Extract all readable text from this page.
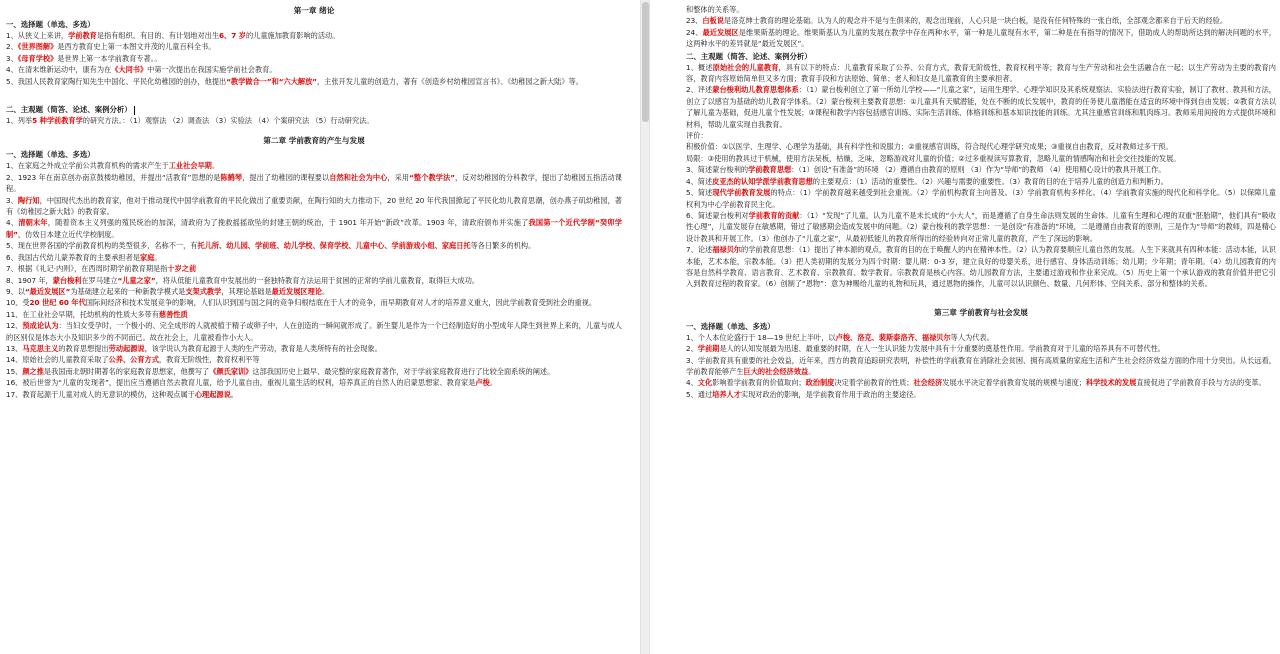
第一章 绪论
一、选择题（单选、多选）
1、从狭义上来讲，学前教育是指有组织、有目的、有计划地对出生6、7 岁的儿童施加教育影响的活动。
2、《世界图解》是西方教育史上第一本图文并茂的儿童百科全书。
3、《母育学校》是世界上第一本学前教育专著。。
4、在清末维新运动中，康有为在《大同书》中第一次提出在我国实施学前社会教育。
5、我国人民教育家陶行知先生中国化、平民化幼稚园的创办，他提出“教学做合一”和“六大解放”，主张开发儿童的创造力，著有《创造乡村幼稚园宣言书》、《幼稚园之新大陆》等。
二、主观题（简答、论述、案例分析）
1、列举5 种学前教育学的研究方法。：（1）观察法 （2）调查法 （3）实验法 （4）个案研究法 （5）行动研究法。
第二章 学前教育的产生与发展
一、选择题（单选、多选）
1、在家庭之外成立学前公共教育机构的需求产生于工业社会早期。
2、1923 年在南京创办南京鼓楼幼稚园，并提出“活教育”思想的是陈鹤琴，提出了幼稚园的课程要以自然和社会为中心，采用“整个教学法”，反对幼稚园的分科教学，提出了幼稚园五指活动课程。
3、陶行知，中国现代杰出的教育家，他对于推动现代中国学前教育的平民化做出了重要贡献，在陶行知的大力推动下，20 世纪 20 年代我国掀起了平民化幼儿教育思潮，创办燕子矶幼稚园，著有《幼稚园之新大陆》的教育家。
4、清朝末年，随着资本主义列强的殖民统治的加深，清政府为了挽救摇摇欲坠的封建王朝的统治，于 1901 年开始“新政”改革。1903 年，清政府颁布并实施了我国第一个近代学制“癸卯学制”，仿效日本建立近代学校制度。
5、现在世界各国的学前教育机构的类型很多，名称不一，有托儿所、幼儿园、学前班、幼儿学校、保育学校、儿童中心、学前游戏小组、家庭日托等各日繁多的机构。
6、我国古代幼儿蒙养教育的主要承担者是家庭。
7、根据《礼记·内则》，在西周时期学前教育期是指十岁之前
8、1907 年，蒙台梭利在罗马建立“儿童之家”，将从低能儿童教育中发展出的一套独特教育方法运用于贫困的正常的学前儿童教育，取得巨大成功。
9、以“最近发展区”为基础建立起来的一种新教学模式是支架式教学，其理论基础是最近发展区理论。
10、受20 世纪 60 年代国际间经济和技术发展竞争的影响，人们认识到国与国之间的竞争归根结底在于人才的竞争，而早期教育对人才的培养意义重大，因此学前教育受到社会的重视。
11、在工业社会早期，托幼机构的性质大多带有慈善性质
12、预成论认为：当妇女受孕时，一个极小的、完全成形的人就被植于精子或卵子中，人在创造的一瞬间就形成了。新生婴儿是作为一个已经制造好的小型成年人降生到世界上来的，儿童与成人的区别仅是体态大小及知识多少的不同而已。故在社会上，儿童被看作小大人。
13、马克思主义的教育思想提出劳动起源说，该学说认为教育起源于人类的生产劳动，教育是人类所特有的社会现象。
14、原始社会的儿童教育采取了公养、公育方式，教育无阶级性，教育权利平等
15、颜之推是我国南北朝时期著名的家庭教育思想家，他撰写了《颜氏家训》这部我国历史上最早、最完整的家庭教育著作，对于学前家庭教育进行了比较全面系统的阐述。
16、被后世誉为“儿童的发现者”，提出应当遵循自然去教育儿童，给予儿童自由，重视儿童生活的权利，培养真正的自然人的启蒙思想家、教育家是卢梭。
17、教育起源于儿童对成人的无意识的模仿，这种观点属于心理起源说。
和整体的关系等。
23、白板说是洛克绅士教育的理论基础。认为人的观念并不是与生俱来的，观念出现前，人心只是一块白板，是没有任何特殊的一张白纸，全部观念都来自于后天的经验。
24、最近发展区是维果斯基的理论。维果斯基认为儿童的发展在教学中存在两种水平，第一种是儿童现有水平，第二种是在有指导的情况下，借助成人的帮助所达到的解决问题的水平，这两种水平的差异就是“最近发展区”。
二、主观题（简答、论述、案例分析）
1、概述原始社会的儿童教育，具有以下的特点：儿童教育采取了公养、公育方式，教育无阶级性，教育权利平等；教育与生产劳动和社会生活融合在一起；以生产劳动为主要的教育内容，教育内容原始简单但又多方面；教育手段和方法原始、简单；老人和妇女是儿童教育的主要承担者。
2、评述蒙台梭利幼儿教育思想体系：（1）蒙台梭利创立了第一所幼儿学校——“儿童之家”，运用生理学、心理学知识及其系统观察法、实验法进行教育实验，制订了教材、教具和方法，创立了以感官为基础的幼儿教育学体系。（2）蒙台梭利主要教育思想：①儿童具有天赋潜能，处在不断的成长发展中，教育的任务使儿童潜能在适宜的环境中得到自由发展；②教育方法以了解儿童为基础，促进儿童个性发展；③课程和教学内容包括感官训练、实际生活训练、体格训练和基本知识技能的训练。尤其注重感官训练和肌肉练习。教师采用间接的方式提供环境和材料，帮助儿童实现自我教育。
评价：
积极价值：①以医学、生理学、心理学为基础，具有科学性和说服力；②重视感官训练，符合现代心理学研究成果；③重视自由教育，反对教师过多干预。
局限：③使用的教具过于机械，使用方法呆板，枯燥，乏味，忽略游戏对儿童的价值；②过多重视读写算教育，忽略儿童的情感陶冶和社会交往技能的发展。
3、简述蒙台梭利的学前教育思想：（1）创设“有准备”的环境 （2）遵循自由教育的原则 （3）作为“导师”的教师 （4）使用精心设计的教具开展工作。
4、简述皮亚杰的认知学派学前教育思想的主要观点：（1）活动的重要性。（2）兴趣与需要的重要性。（3）教育的目的在于培养儿童的创造力和判断力。
5、简述现代学前教育发展的特点：（1）学前教育越来越受到社会重视。（2）学前机构教育主向普及。（3）学前教育机构多样化。（4）学前教育实施的现代化和科学化。（5）以保障儿童权利为中心学前教育民主化。
6、简述蒙台梭利对学前教育的贡献：（1）“发现”了儿童，认为儿童不是未长成的“小大人”，而是遵循了自身生命法则发展的生命体。儿童有生理和心理的双重“胚胎期”，他们具有“吸收性心理”，儿童发展存在敏感期，错过了敏感期会造成发展中的问题。（2）蒙台梭利的教学思想：一是创设“有准备的”环境，二是遵循自由教育的原则，三是作为“导师”的教师，四是精心设计教具和开展工作。（3）他创办了“儿童之家”，从最初低能儿的教育所得出的经验转向对正常儿童的教育，产生了深远的影响。
7、论述福禄贝尔的学前教育思想：（1）提出了神本源的观点，教育的目的在于唤醒人的内在精神本性。（2）认为教育要顺应儿童自然的发展。人生下来就具有四种本能：活动本能，认识本能，艺术本能，宗教本能。（3）把人类初期的发展分为四个时期：婴儿期：0-3 岁，建立良好的母婴关系，进行感官、身体活动训练；幼儿期；少年期；青年期。（4）幼儿园教育的内容是自然科学教育、语言教育、艺术教育、宗教教育、数学教育。宗教教育是核心内容。幼儿园教育方法，主要通过游戏和作业来完成。（5）历史上第一个承认游戏的教育价值并把它引入到教育过程的教育家。（6）创制了“恩物”：意为神赐给儿童的礼物和玩具，通过恩物的操作，儿童可以认识颜色、数量、几何形体、空间关系、部分和整体的关系。
第三章 学前教育与社会发展
一、选择题（单选、多选）
1、个人本位论盛行于 18—19 世纪上半叶，以卢梭、洛克、裴斯泰洛齐、福禄贝尔等人为代表。
2、学前期是人的认知发展最为迅速、最重要的时期，在人一生认识能力发展中具有十分重要的奠基性作用。学前教育对于儿童的培养具有不可替代性。
3、学前教育具有重要的社会效益，近年来，西方的教育追踪研究表明，补偿性的学前教育在消除社会贫困、拥有高质量的家庭生活和产生社会经济效益方面的作用十分突出。从长远看，学前教育能够产生巨大的社会经济效益。
4、文化影响着学前教育的价值取向；政治制度决定着学前教育的性质；社会经济发展水平决定着学前教育发展的规模与速度；科学技术的发展直接促进了学前教育手段与方法的变革。
5、通过培养人才实现对政治的影响，是学前教育作用于政治的主要途径。
